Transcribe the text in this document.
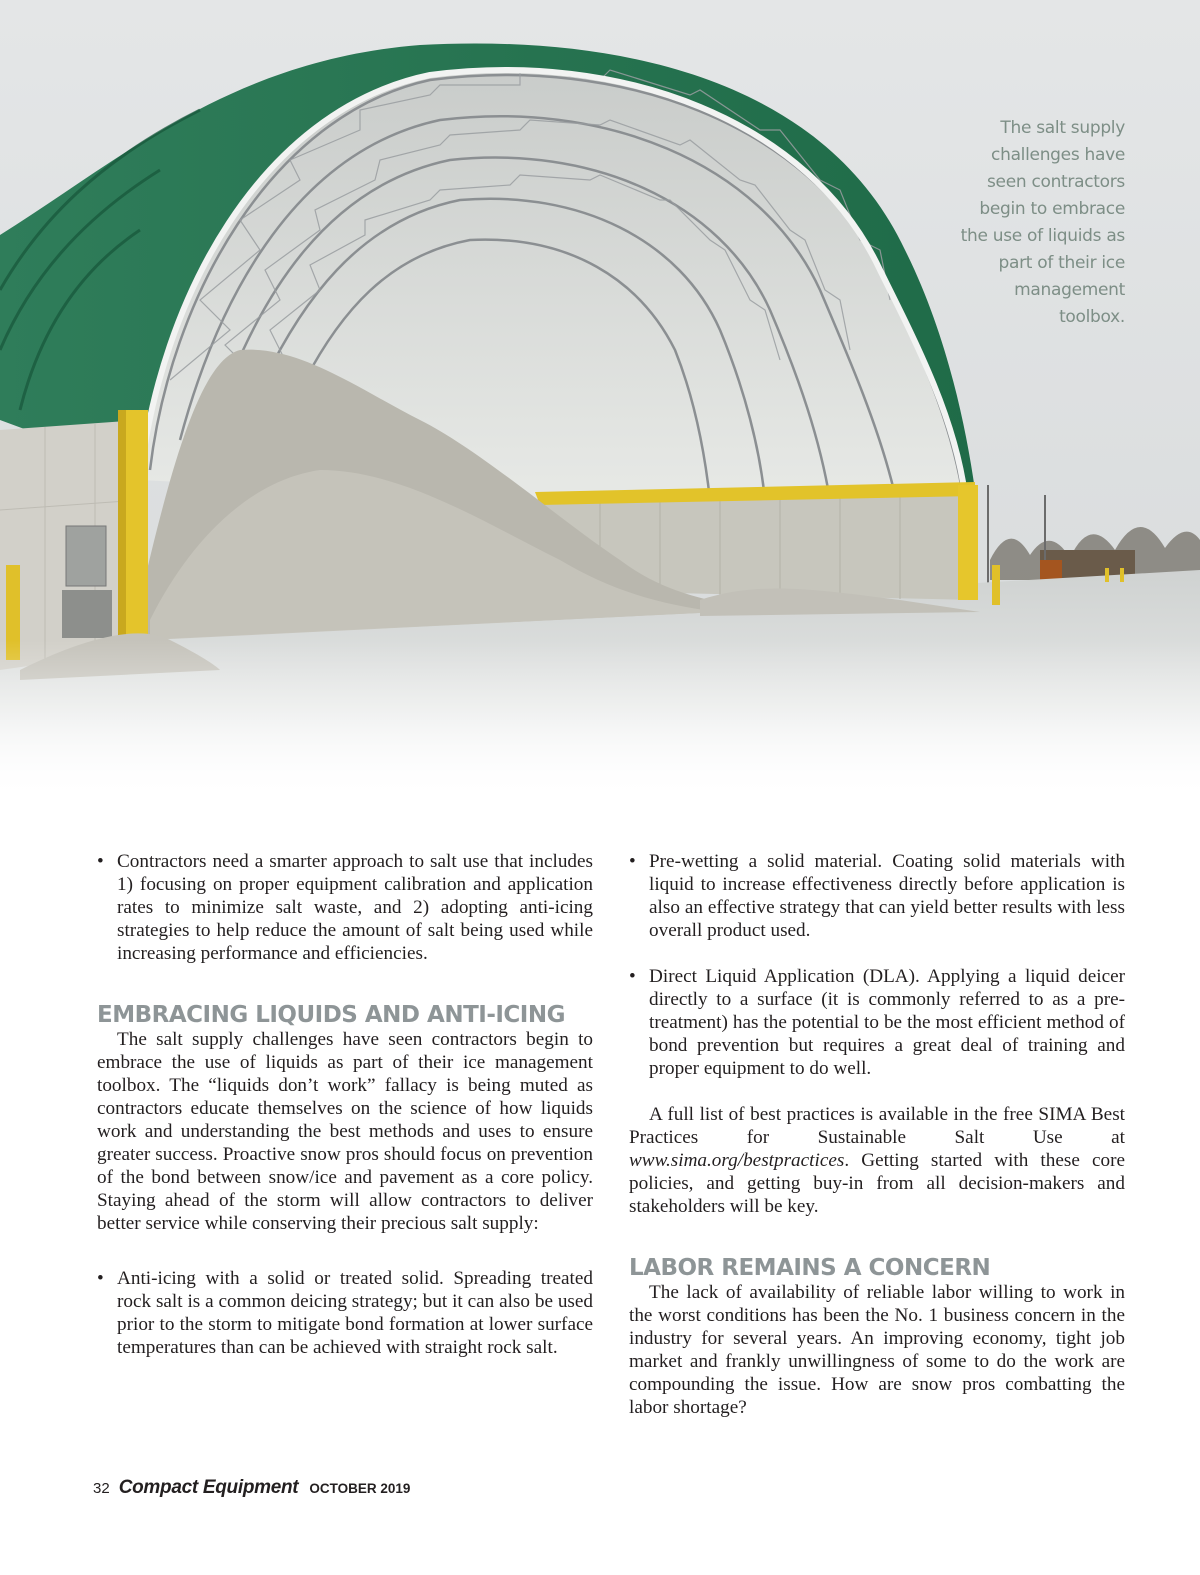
The salt supply challenges have seen contractors begin to embrace the use of liquids as part of their ice management toolbox.
• Contractors need a smarter approach to salt use that includes 1) focusing on proper equipment calibration and application rates to minimize salt waste, and 2) adopting anti-icing strategies to help reduce the amount of salt being used while increasing performance and efficiencies.
EMBRACING LIQUIDS AND ANTI-ICING

The salt supply challenges have seen contractors begin to embrace the use of liquids as part of their ice management toolbox. The “liquids don’t work” fallacy is being muted as contractors educate themselves on the science of how liquids work and understanding the best methods and uses to ensure greater success. Proactive snow pros should focus on prevention of the bond between snow/ice and pavement as a core policy. Staying ahead of the storm will allow contractors to deliver better service while conserving their precious salt supply:

• Anti-icing with a solid or treated solid. Spreading treated rock salt is a common deicing strategy; but it can also be used prior to the storm to mitigate bond formation at lower surface temperatures than can be achieved with straight rock salt.
• Pre-wetting a solid material. Coating solid materials with liquid to increase effectiveness directly before application is also an effective strategy that can yield better results with less overall product used.
• Direct Liquid Application (DLA). Applying a liquid deicer directly to a surface (it is commonly referred to as a pre-treatment) has the potential to be the most efficient method of bond prevention but requires a great deal of training and proper equipment to do well.

A full list of best practices is available in the free SIMA Best Practices for Sustainable Salt Use at www.sima.org/bestpractices. Getting started with these core policies, and getting buy-in from all decision-makers and stakeholders will be key.

LABOR REMAINS A CONCERN

The lack of availability of reliable labor willing to work in the worst conditions has been the No. 1 business concern in the industry for several years. An improving economy, tight job market and frankly unwillingness of some to do the work are compounding the issue. How are snow pros combatting the labor shortage?

32 Compact Equipment OCTOBER 2019
